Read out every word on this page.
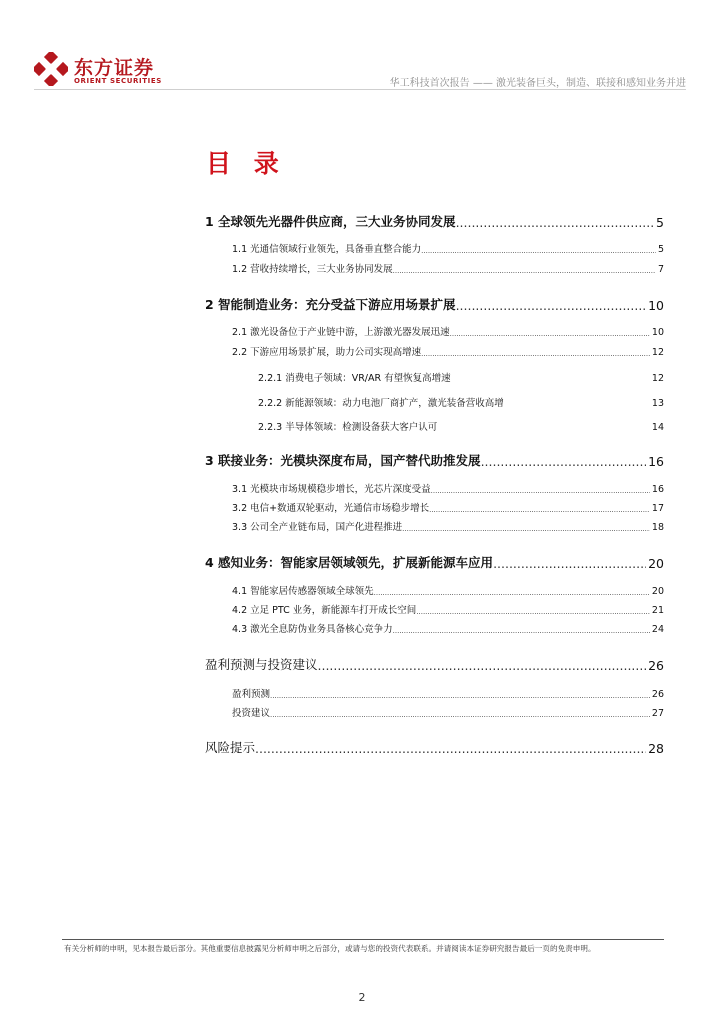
东方证券
ORIENT SECURITIES	华工科技首次报告 —— 激光装备巨头，制造、联接和感知业务并进
目 录
1 全球领先光器件供应商，三大业务协同发展 .....	5
1.1 光通信领域行业领先，具备垂直整合能力 .....	5
1.2 营收持续增长，三大业务协同发展 .....	7
2 智能制造业务：充分受益下游应用场景扩展 .....	10
2.1 激光设备位于产业链中游，上游激光器发展迅速 .....	10
2.2 下游应用场景扩展，助力公司实现高增速 .....	12
2.2.1 消费电子领域：VR/AR 有望恢复高增速	12
2.2.2 新能源领域：动力电池厂商扩产，激光装备营收高增	13
2.2.3 半导体领域：检测设备获大客户认可	14
3 联接业务：光模块深度布局，国产替代助推发展 .....	16
3.1 光模块市场规模稳步增长，光芯片深度受益 .....	16
3.2 电信+数通双轮驱动，光通信市场稳步增长 .....	17
3.3 公司全产业链布局，国产化进程推进 .....	18
4 感知业务：智能家居领域领先，扩展新能源车应用 .....	20
4.1 智能家居传感器领域全球领先 .....	20
4.2 立足 PTC 业务，新能源车打开成长空间 .....	21
4.3 激光全息防伪业务具备核心竞争力 .....	24
盈利预测与投资建议 .....	26
盈利预测 .....	26
投资建议 .....	27
风险提示 .....	28
有关分析师的申明，见本报告最后部分。其他重要信息披露见分析师申明之后部分，或请与您的投资代表联系。并请阅读本证券研究报告最后一页的免责申明。
2
